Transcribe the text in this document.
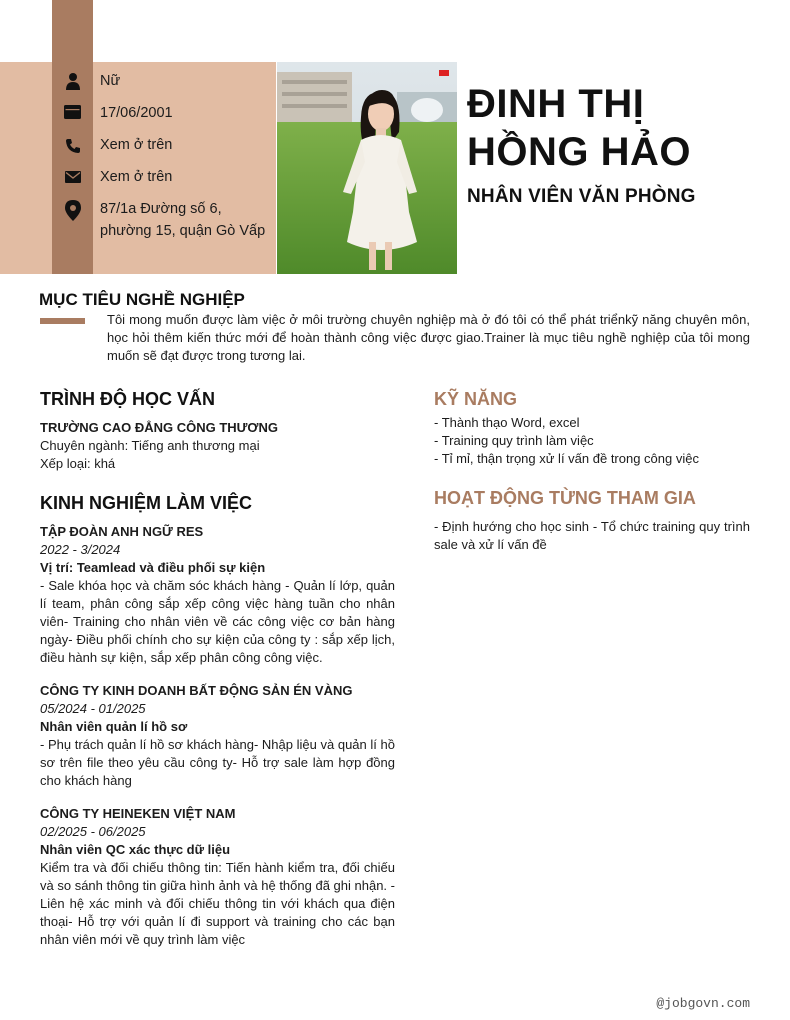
Nữ
17/06/2001
Xem ở trên
Xem ở trên
87/1a Đường số 6, phường 15, quận Gò Vấp
ĐINH THỊ
HỒNG HẢO
NHÂN VIÊN VĂN PHÒNG
MỤC TIÊU NGHỀ NGHIỆP
Tôi mong muốn được làm việc ở môi trường chuyên nghiệp mà ở đó tôi có thể phát triểnkỹ năng chuyên môn, học hỏi thêm kiến thức mới để hoàn thành công việc được giao.Trainer là mục tiêu nghề nghiệp của tôi mong muốn sẽ đạt được trong tương lai.
TRÌNH ĐỘ HỌC VẤN
TRƯỜNG CAO ĐẲNG CÔNG THƯƠNG
Chuyên ngành: Tiếng anh thương mại
Xếp loại: khá
KINH NGHIỆM LÀM VIỆC
TẬP ĐOÀN ANH NGỮ RES
2022 - 3/2024
Vị trí: Teamlead và điều phối sự kiện
- Sale khóa học và chăm sóc khách hàng - Quản lí lớp, quản lí team, phân công sắp xếp công việc hàng tuần cho nhân viên- Training cho nhân viên về các công việc cơ bản hàng ngày- Điều phối chính cho sự kiện của công ty : sắp xếp lịch, điều hành sự kiện, sắp xếp phân công công việc.
CÔNG TY KINH DOANH BẤT ĐỘNG SẢN ÉN VÀNG
05/2024 - 01/2025
Nhân viên quản lí hồ sơ
- Phụ trách quản lí hồ sơ khách hàng- Nhập liệu và quản lí hồ sơ trên file theo yêu cầu công ty- Hỗ trợ sale làm hợp đồng cho khách hàng
CÔNG TY HEINEKEN VIỆT NAM
02/2025 - 06/2025
Nhân viên QC xác thực dữ liệu
Kiểm tra và đối chiếu thông tin: Tiến hành kiểm tra, đối chiếu và so sánh thông tin giữa hình ảnh và hệ thống đã ghi nhận. - Liên hệ xác minh và đối chiếu thông tin với khách qua điện thoại- Hỗ trợ với quản lí đi support và training cho các bạn nhân viên mới về quy trình làm việc
KỸ NĂNG
- Thành thạo Word, excel
- Training quy trình làm việc
- Tỉ mỉ, thận trọng xử lí vấn đề trong công việc
HOẠT ĐỘNG TỪNG THAM GIA
- Định hướng cho học sinh - Tổ chức training quy trình sale và xử lí vấn đề
@jobgovn.com
